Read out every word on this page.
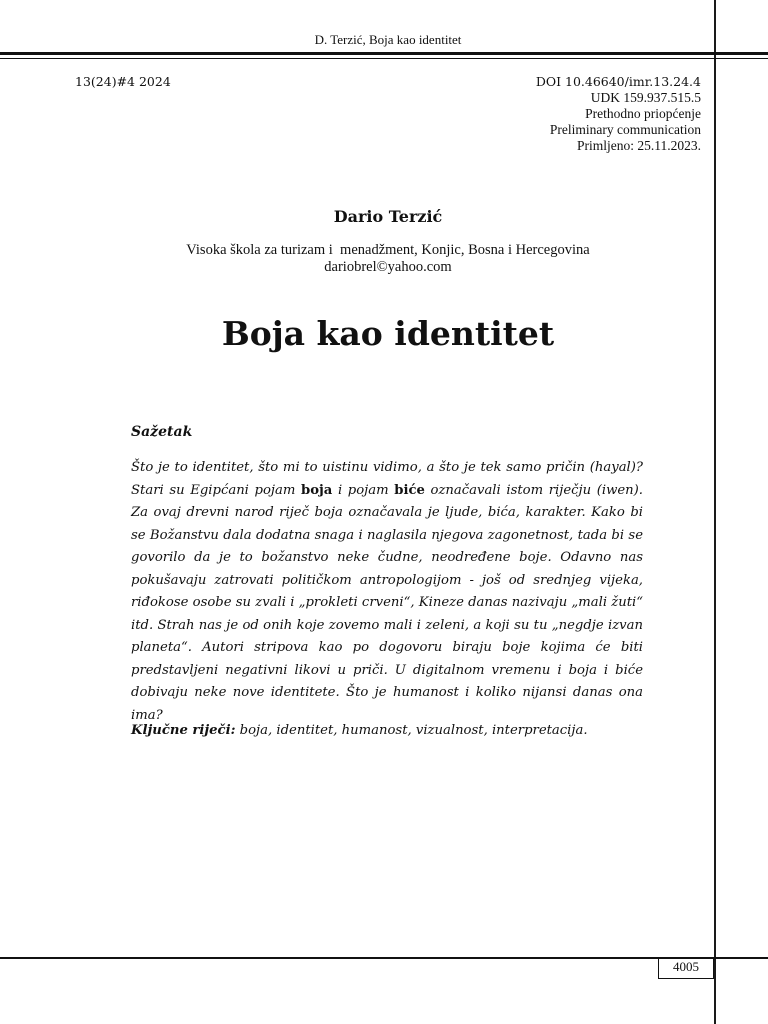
D. Terzić, Boja kao identitet
13(24)#4 2024	DOI 10.46640/imr.13.24.4
UDK 159.937.515.5
Prethodno priopćenje
Preliminary communication
Primljeno: 25.11.2023.
Dario Terzić
Visoka škola za turizam i  menadžment, Konjic, Bosna i Hercegovina
dariobrel©yahoo.com
Boja kao identitet
Sažetak
Što je to identitet, što mi to uistinu vidimo, a što je tek samo pričin (hayal)? Stari su Egipćani pojam boja i pojam biće označavali istom riječju (iwen). Za ovaj drevni narod riječ boja označavala je ljude, bića, karakter. Kako bi se Božanstvu dala dodatna snaga i naglasila njegova zagonetnost, tada bi se govorilo da je to božanstvo neke čudne, neodređene boje. Odavno nas pokušavaju zatrovati političkom antropologijom - još od srednjeg vijeka, riđokose osobe su zvali i „prokleti crveni“, Kineze danas nazivaju „mali žuti“ itd. Strah nas je od onih koje zovemo mali i zeleni, a koji su tu „negdje izvan planeta“. Autori stripova kao po dogovoru biraju boje kojima će biti predstavljeni negativni likovi u priči. U digitalnom vremenu i boja i biće dobivaju neke nove identitete. Što je humanost i koliko nijansi danas ona ima?
Ključne riječi: boja, identitet, humanost, vizualnost, interpretacija.
4005
